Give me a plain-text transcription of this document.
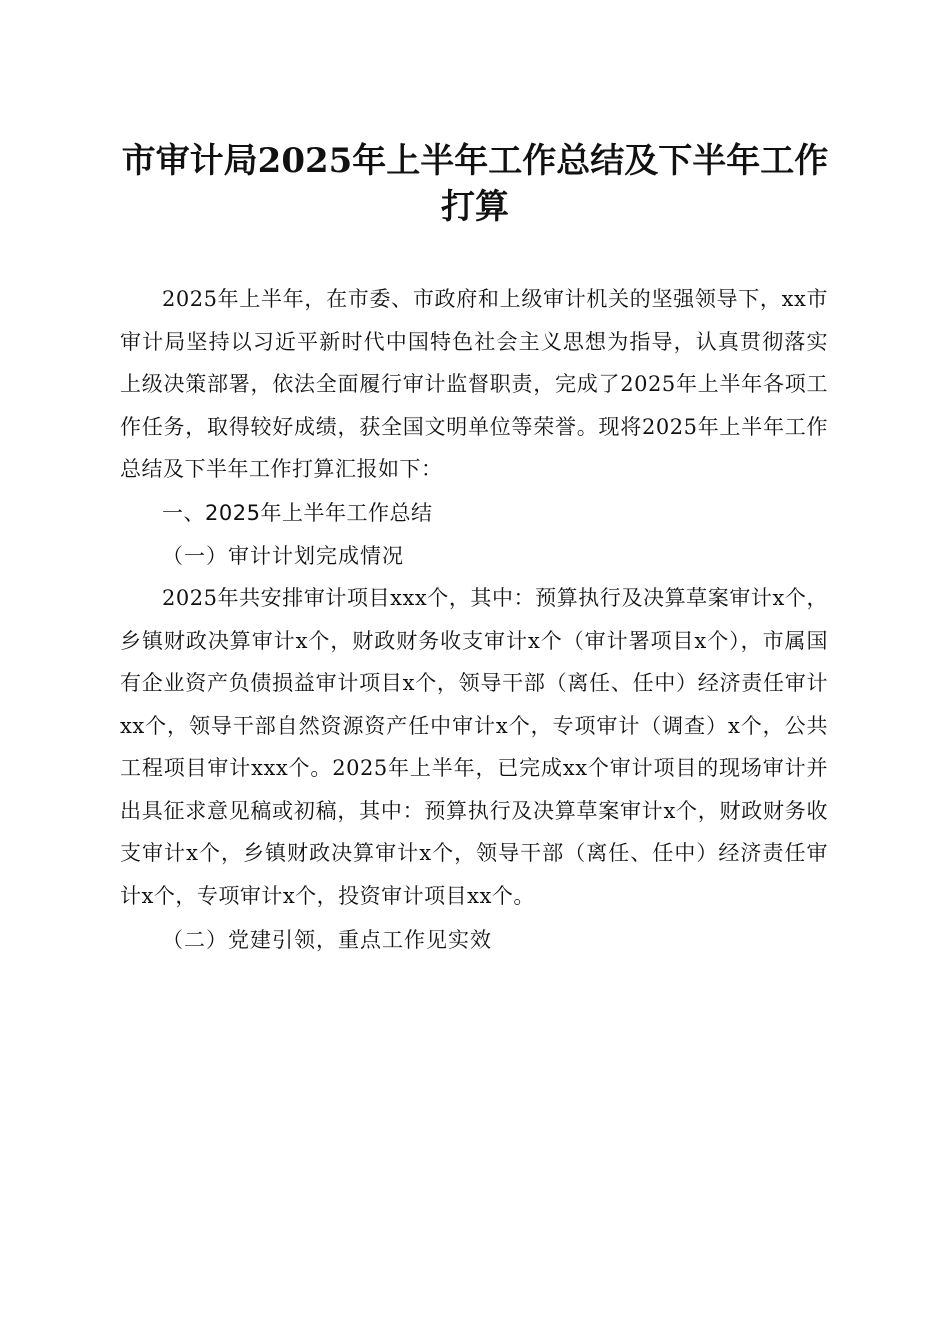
市审计局2025年上半年工作总结及下半年工作打算

2025年上半年，在市委、市政府和上级审计机关的坚强领导下，xx市审计局坚持以习近平新时代中国特色社会主义思想为指导，认真贯彻落实上级决策部署，依法全面履行审计监督职责，完成了2025年上半年各项工作任务，取得较好成绩，获全国文明单位等荣誉。现将2025年上半年工作总结及下半年工作打算汇报如下：

一、2025年上半年工作总结

（一）审计计划完成情况

2025年共安排审计项目xxx个，其中：预算执行及决算草案审计x个，乡镇财政决算审计x个，财政财务收支审计x个（审计署项目x个），市属国有企业资产负债损益审计项目x个，领导干部（离任、任中）经济责任审计xx个，领导干部自然资源资产任中审计x个，专项审计（调查）x个，公共工程项目审计xxx个。2025年上半年，已完成xx个审计项目的现场审计并出具征求意见稿或初稿，其中：预算执行及决算草案审计x个，财政财务收支审计x个，乡镇财政决算审计x个，领导干部（离任、任中）经济责任审计x个，专项审计x个，投资审计项目xx个。

（二）党建引领，重点工作见实效
